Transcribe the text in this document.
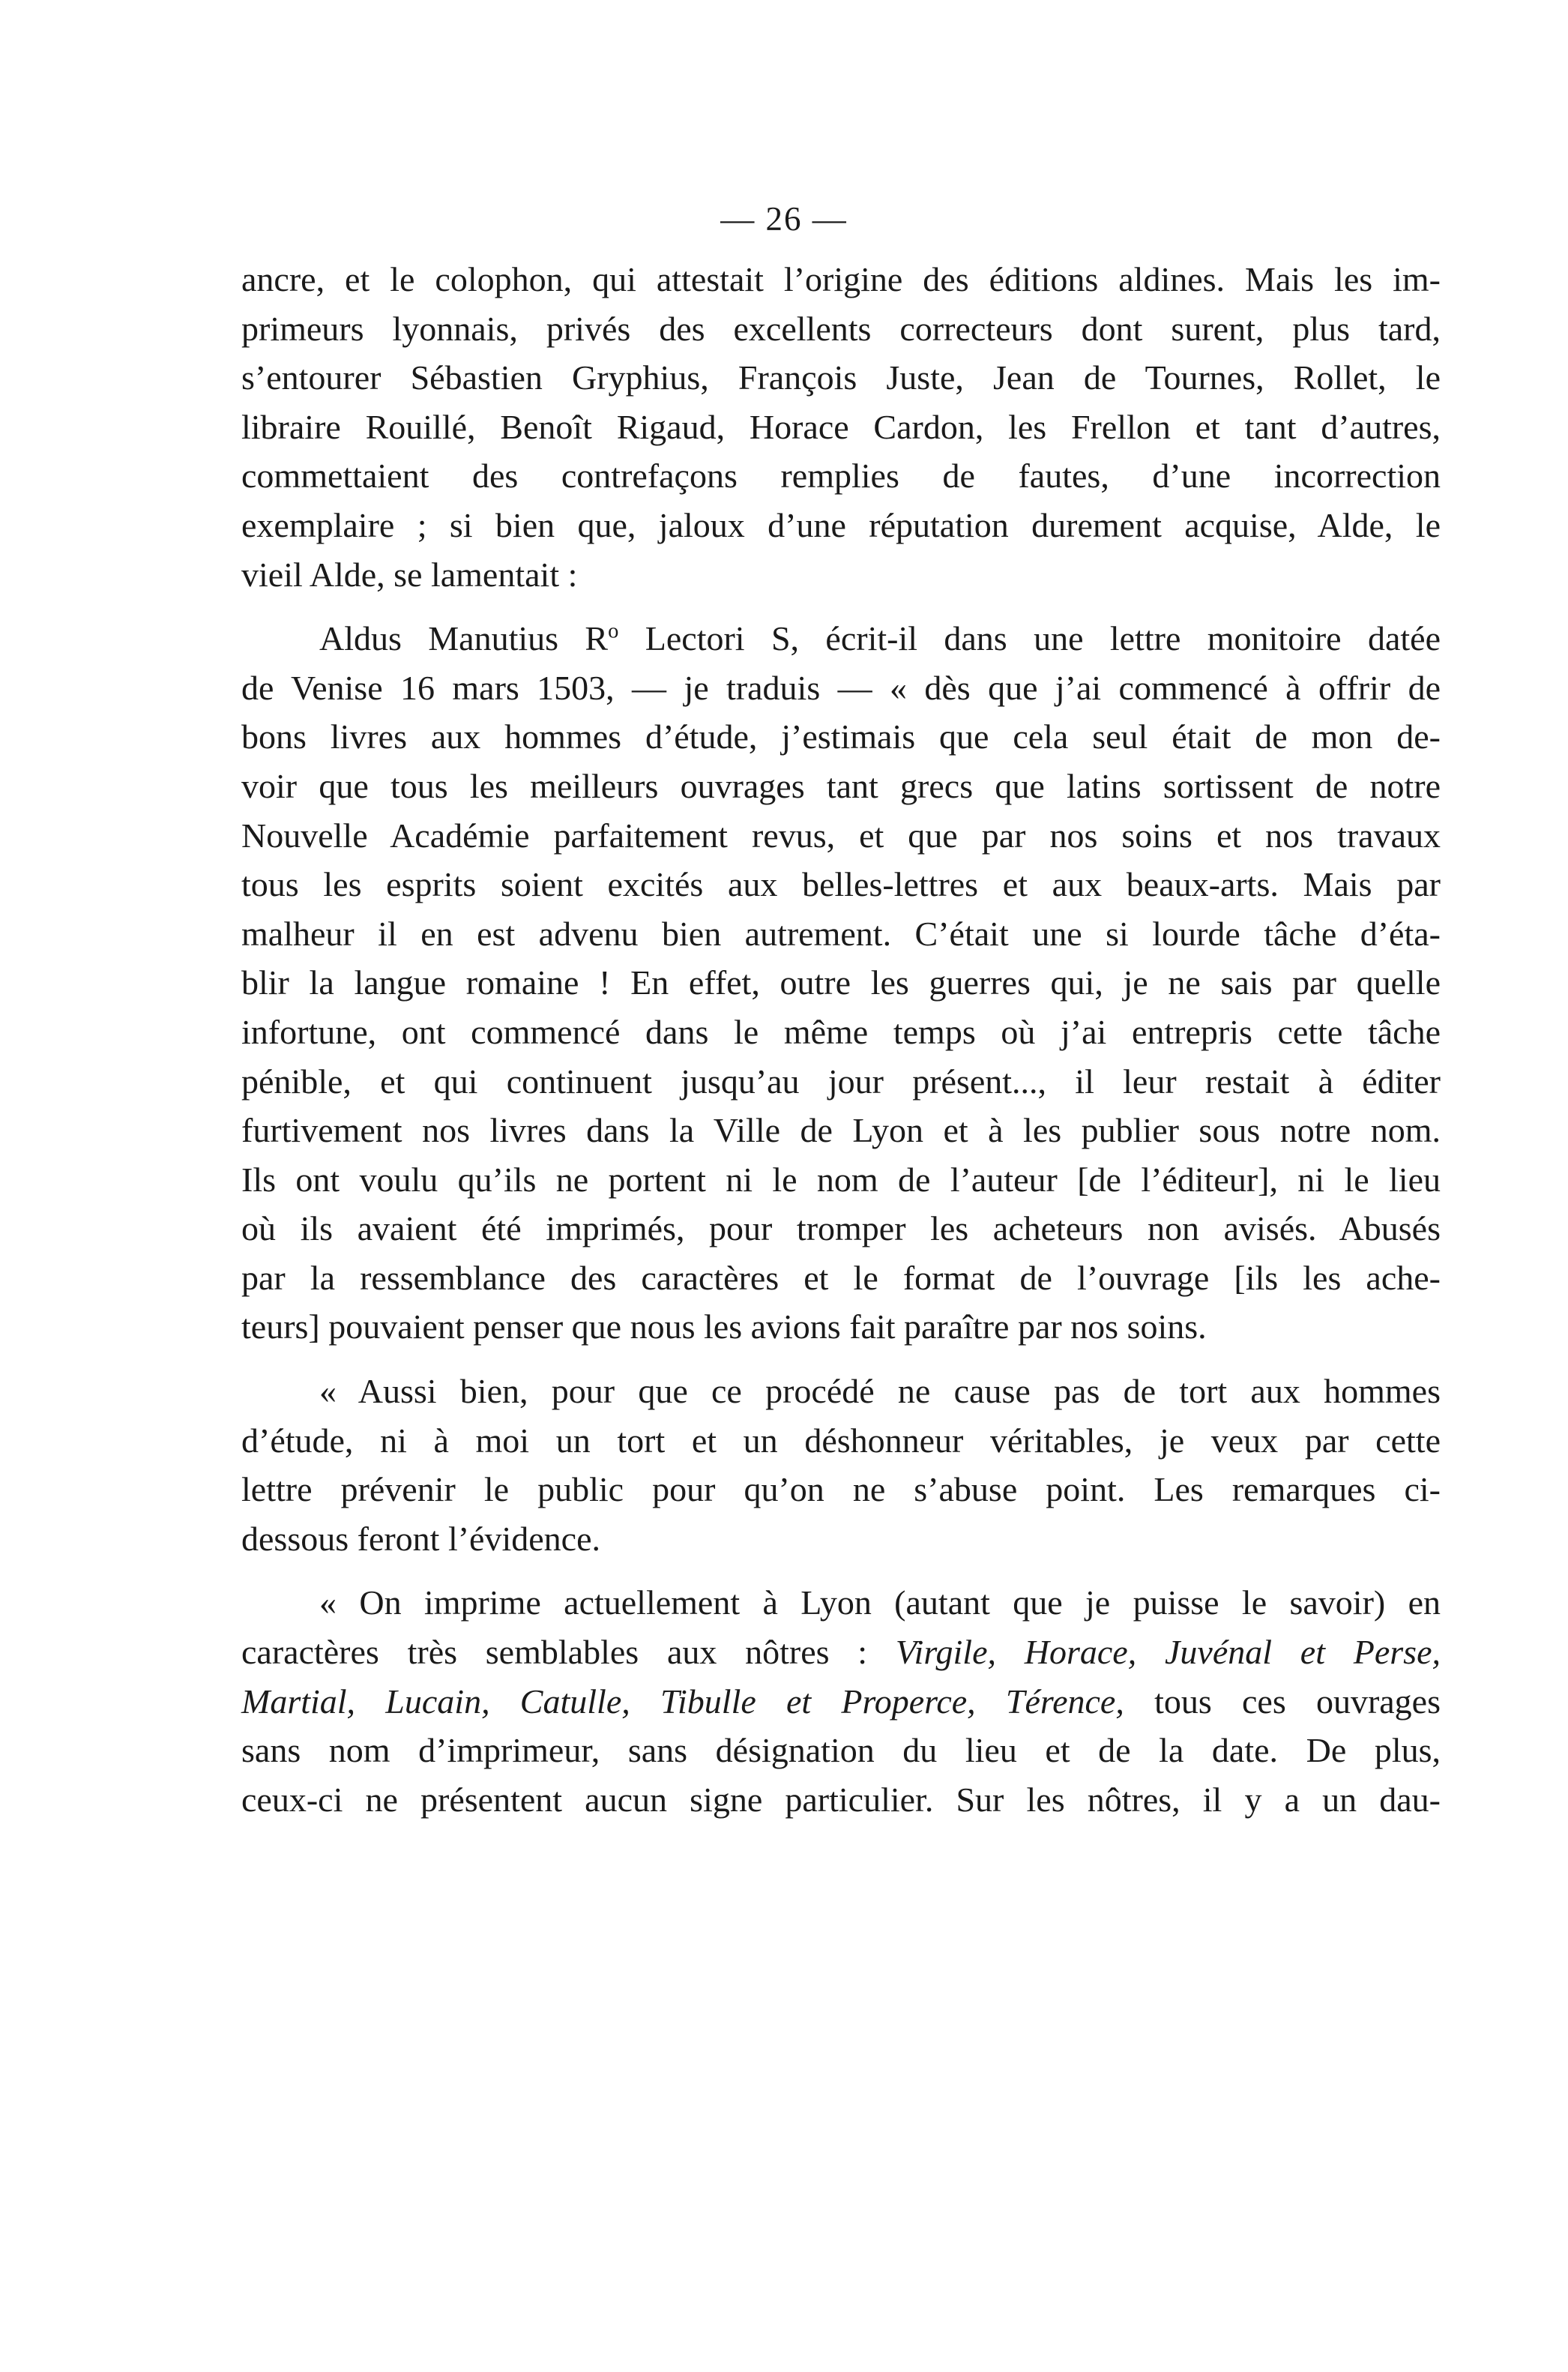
— 26 —

ancre, et le colophon, qui attestait l’origine des éditions aldines. Mais les im-
primeurs lyonnais, privés des excellents correcteurs dont surent, plus tard,
s’entourer Sébastien Gryphius, François Juste, Jean de Tournes, Rollet, le
libraire Rouillé, Benoît Rigaud, Horace Cardon, les Frellon et tant d’autres,
commettaient des contrefaçons remplies de fautes, d’une incorrection
exemplaire ; si bien que, jaloux d’une réputation durement acquise, Alde, le
vieil Alde, se lamentait :

Aldus Manutius $R^o$ Lectori S, écrit-il dans une lettre monitoire datée
de Venise 16 mars 1503, — je traduis — « dès que j’ai commencé à offrir de
bons livres aux hommes d’étude, j’estimais que cela seul était de mon de-
voir que tous les meilleurs ouvrages tant grecs que latins sortissent de notre
Nouvelle Académie parfaitement revus, et que par nos soins et nos travaux
tous les esprits soient excités aux belles-lettres et aux beaux-arts. Mais par
malheur il en est advenu bien autrement. C’était une si lourde tâche d’éta-
blir la langue romaine ! En effet, outre les guerres qui, je ne sais par quelle
infortune, ont commencé dans le même temps où j’ai entrepris cette tâche
pénible, et qui continuent jusqu’au jour présent..., il leur restait à éditer
furtivement nos livres dans la Ville de Lyon et à les publier sous notre nom.
Ils ont voulu qu’ils ne portent ni le nom de l’auteur [de l’éditeur], ni le lieu
où ils avaient été imprimés, pour tromper les acheteurs non avisés. Abusés
par la ressemblance des caractères et le format de l’ouvrage [ils les ache-
teurs] pouvaient penser que nous les avions fait paraître par nos soins.

« Aussi bien, pour que ce procédé ne cause pas de tort aux hommes
d’étude, ni à moi un tort et un déshonneur véritables, je veux par cette
lettre prévenir le public pour qu’on ne s’abuse point. Les remarques ci-
dessous feront l’évidence.

« On imprime actuellement à Lyon (autant que je puisse le savoir) en
caractères très semblables aux nôtres : Virgile, Horace, Juvénal et Perse,
Martial, Lucain, Catulle, Tibulle et Properce, Térence, tous ces ouvrages
sans nom d’imprimeur, sans désignation du lieu et de la date. De plus,
ceux-ci ne présentent aucun signe particulier. Sur les nôtres, il y a un dau-
